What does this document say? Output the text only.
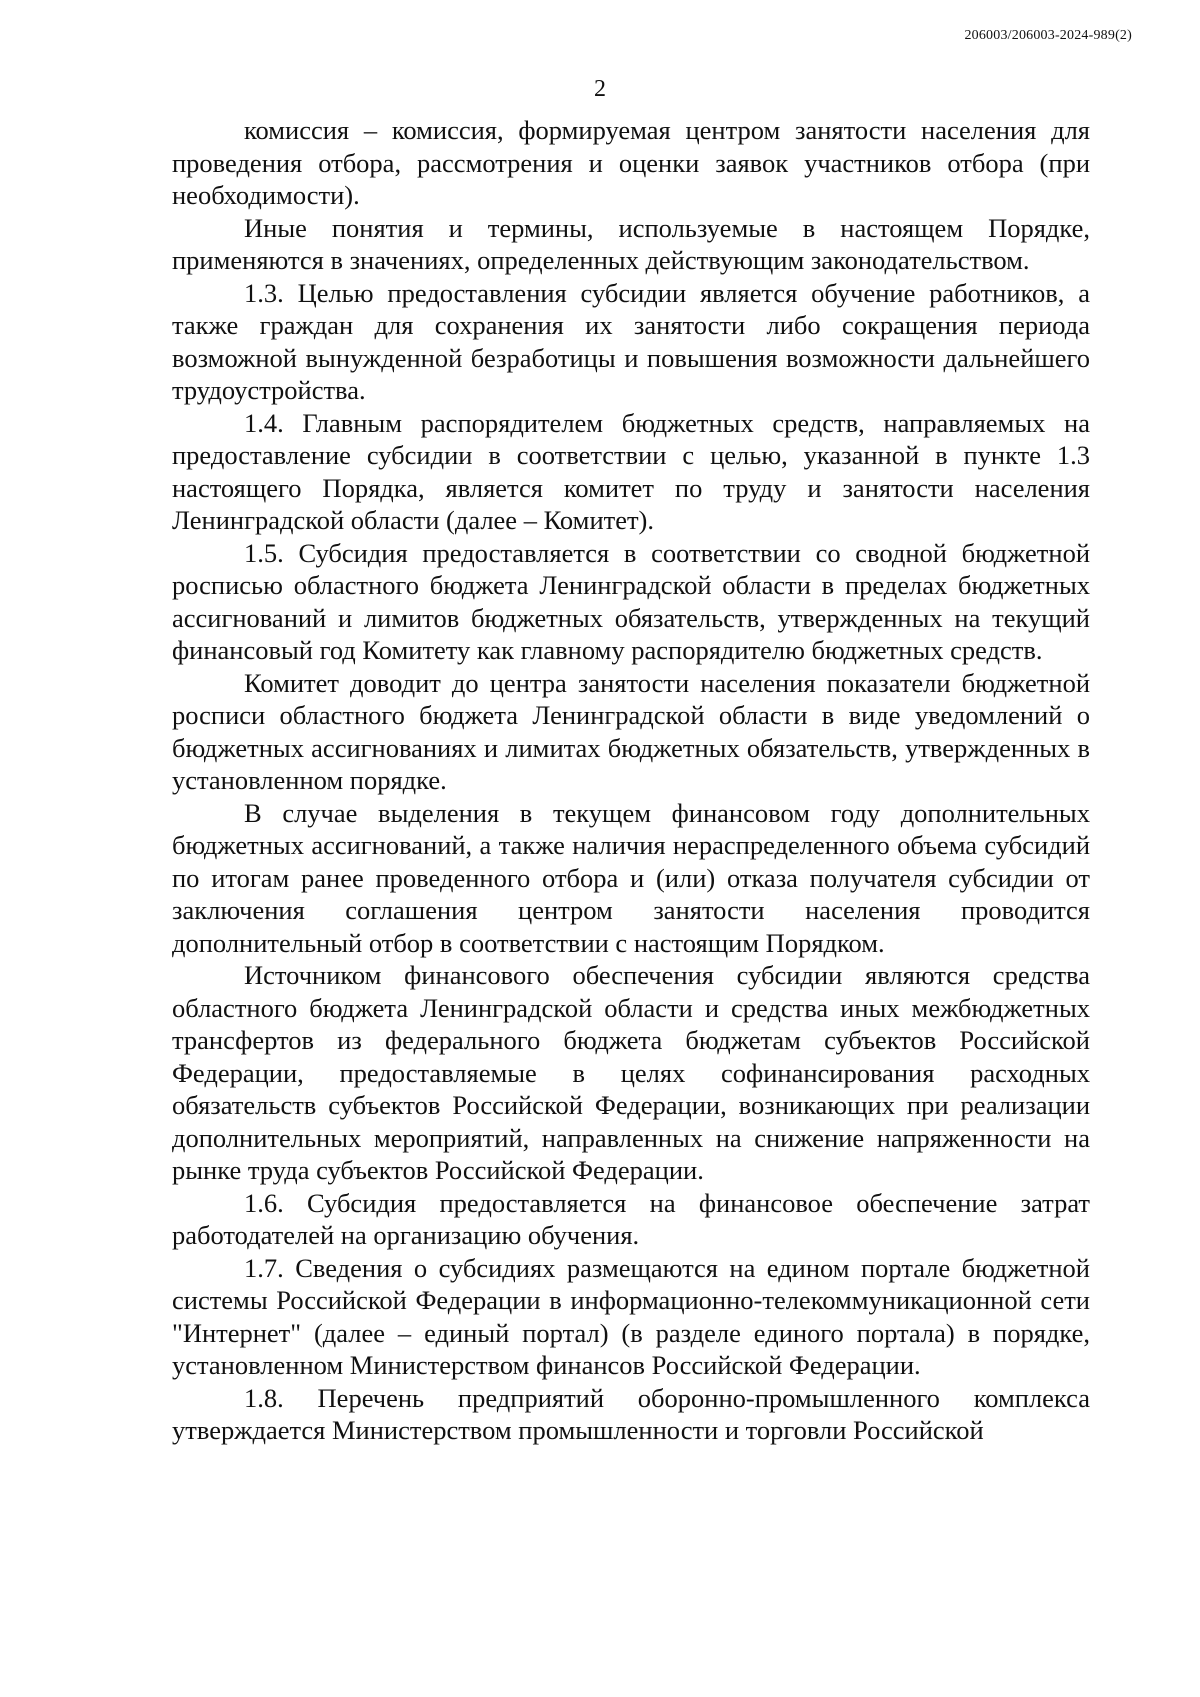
206003/206003-2024-989(2)
2

комиссия – комиссия, формируемая центром занятости населения для проведения отбора, рассмотрения и оценки заявок участников отбора (при необходимости).

Иные понятия и термины, используемые в настоящем Порядке, применяются в значениях, определенных действующим законодательством.

1.3. Целью предоставления субсидии является обучение работников, а также граждан для сохранения их занятости либо сокращения периода возможной вынужденной безработицы и повышения возможности дальнейшего трудоустройства.

1.4. Главным распорядителем бюджетных средств, направляемых на предоставление субсидии в соответствии с целью, указанной в пункте 1.3 настоящего Порядка, является комитет по труду и занятости населения Ленинградской области (далее – Комитет).

1.5. Субсидия предоставляется в соответствии со сводной бюджетной росписью областного бюджета Ленинградской области в пределах бюджетных ассигнований и лимитов бюджетных обязательств, утвержденных на текущий финансовый год Комитету как главному распорядителю бюджетных средств.

Комитет доводит до центра занятости населения показатели бюджетной росписи областного бюджета Ленинградской области в виде уведомлений о бюджетных ассигнованиях и лимитах бюджетных обязательств, утвержденных в установленном порядке.

В случае выделения в текущем финансовом году дополнительных бюджетных ассигнований, а также наличия нераспределенного объема субсидий по итогам ранее проведенного отбора и (или) отказа получателя субсидии от заключения соглашения центром занятости населения проводится дополнительный отбор в соответствии с настоящим Порядком.

Источником финансового обеспечения субсидии являются средства областного бюджета Ленинградской области и средства иных межбюджетных трансфертов из федерального бюджета бюджетам субъектов Российской Федерации, предоставляемые в целях софинансирования расходных обязательств субъектов Российской Федерации, возникающих при реализации дополнительных мероприятий, направленных на снижение напряженности на рынке труда субъектов Российской Федерации.

1.6. Субсидия предоставляется на финансовое обеспечение затрат работодателей на организацию обучения.

1.7. Сведения о субсидиях размещаются на едином портале бюджетной системы Российской Федерации в информационно-телекоммуникационной сети "Интернет" (далее – единый портал) (в разделе единого портала) в порядке, установленном Министерством финансов Российской Федерации.

1.8. Перечень предприятий оборонно-промышленного комплекса утверждается Министерством промышленности и торговли Российской
